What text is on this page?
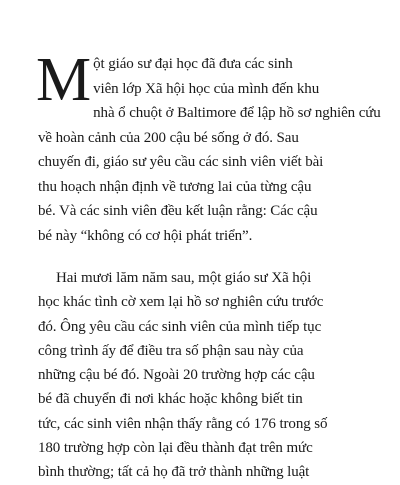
M ột giáo sư đại học đã đưa các sinh
viên lớp Xã hội học của mình đến khu
nhà ổ chuột ở Baltimore để lập hồ sơ nghiên cứu
về hoàn cảnh của 200 cậu bé sống ở đó. Sau
chuyến đi, giáo sư yêu cầu các sinh viên viết bài
thu hoạch nhận định về tương lai của từng cậu
bé. Và các sinh viên đều kết luận rằng: Các cậu
bé này “không có cơ hội phát triển”.

Hai mươi lăm năm sau, một giáo sư Xã hội
học khác tình cờ xem lại hồ sơ nghiên cứu trước
đó. Ông yêu cầu các sinh viên của mình tiếp tục
công trình ấy để điều tra số phận sau này của
những cậu bé đó. Ngoài 20 trường hợp các cậu
bé đã chuyển đi nơi khác hoặc không biết tin
tức, các sinh viên nhận thấy rằng có 176 trong số
180 trường hợp còn lại đều thành đạt trên mức
bình thường; tất cả họ đã trở thành những luật
